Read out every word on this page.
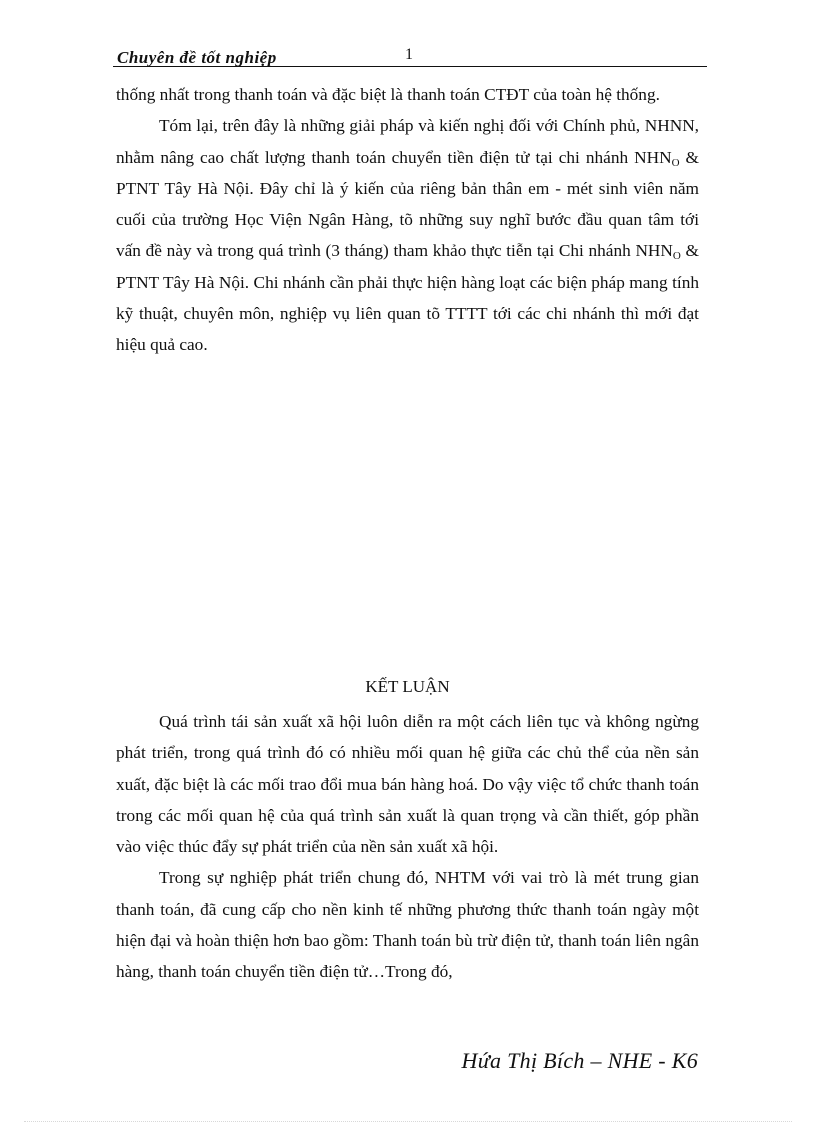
Chuyên đề tốt nghiệp	1

thống nhất trong thanh toán và đặc biệt là thanh toán CTĐT của toàn hệ thống.

Tóm lại, trên đây là những giải pháp và kiến nghị đối với Chính phủ, NHNN, nhằm nâng cao chất lượng thanh toán chuyển tiền điện tử tại chi nhánh $NHN_O$ & PTNT Tây Hà Nội. Đây chỉ là ý kiến của riêng bản thân em - mét sinh viên năm cuối của trường Học Viện Ngân Hàng, tõ những suy nghĩ bước đầu quan tâm tới vấn đề này và trong quá trình (3 tháng) tham khảo thực tiễn tại Chi nhánh $NHN_O$ & PTNT Tây Hà Nội. Chi nhánh cần phải thực hiện hàng loạt các biện pháp mang tính kỹ thuật, chuyên môn, nghiệp vụ liên quan tõ TTTT tới các chi nhánh thì mới đạt hiệu quả cao.

KẾT LUẬN

Quá trình tái sản xuất xã hội luôn diễn ra một cách liên tục và không ngừng phát triển, trong quá trình đó có nhiều mối quan hệ giữa các chủ thể của nền sản xuất, đặc biệt là các mối trao đổi mua bán hàng hoá. Do vậy việc tổ chức thanh toán trong các mối quan hệ của quá trình sản xuất là quan trọng và cần thiết, góp phần vào việc thúc đẩy sự phát triển của nền sản xuất xã hội.

Trong sự nghiệp phát triển chung đó, NHTM với vai trò là mét trung gian thanh toán, đã cung cấp cho nền kinh tế những phương thức thanh toán ngày một hiện đại và hoàn thiện hơn bao gồm: Thanh toán bù trừ điện tử, thanh toán liên ngân hàng, thanh toán chuyển tiền điện tử…Trong đó,

Hứa Thị Bích – NHE - K6
